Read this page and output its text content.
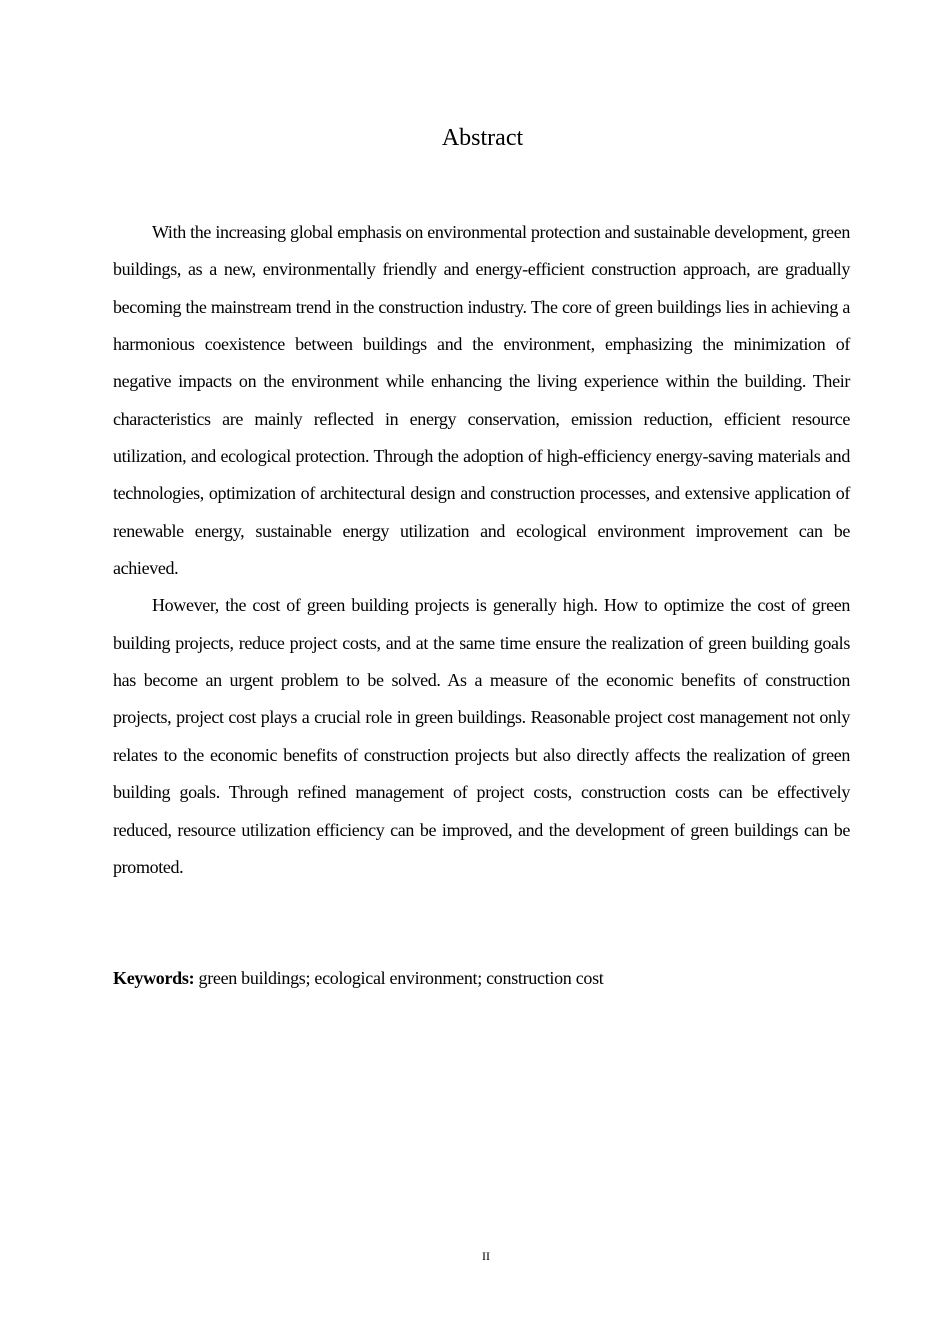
Abstract

With the increasing global emphasis on environmental protection and sustainable development, green buildings, as a new, environmentally friendly and energy-efficient construction approach, are gradually becoming the mainstream trend in the construction industry. The core of green buildings lies in achieving a harmonious coexistence between buildings and the environment, emphasizing the minimization of negative impacts on the environment while enhancing the living experience within the building. Their characteristics are mainly reflected in energy conservation, emission reduction, efficient resource utilization, and ecological protection. Through the adoption of high-efficiency energy-saving materials and technologies, optimization of architectural design and construction processes, and extensive application of renewable energy, sustainable energy utilization and ecological environment improvement can be achieved.

However, the cost of green building projects is generally high. How to optimize the cost of green building projects, reduce project costs, and at the same time ensure the realization of green building goals has become an urgent problem to be solved. As a measure of the economic benefits of construction projects, project cost plays a crucial role in green buildings. Reasonable project cost management not only relates to the economic benefits of construction projects but also directly affects the realization of green building goals. Through refined management of project costs, construction costs can be effectively reduced, resource utilization efficiency can be improved, and the development of green buildings can be promoted.

Keywords: green buildings; ecological environment; construction cost

II
